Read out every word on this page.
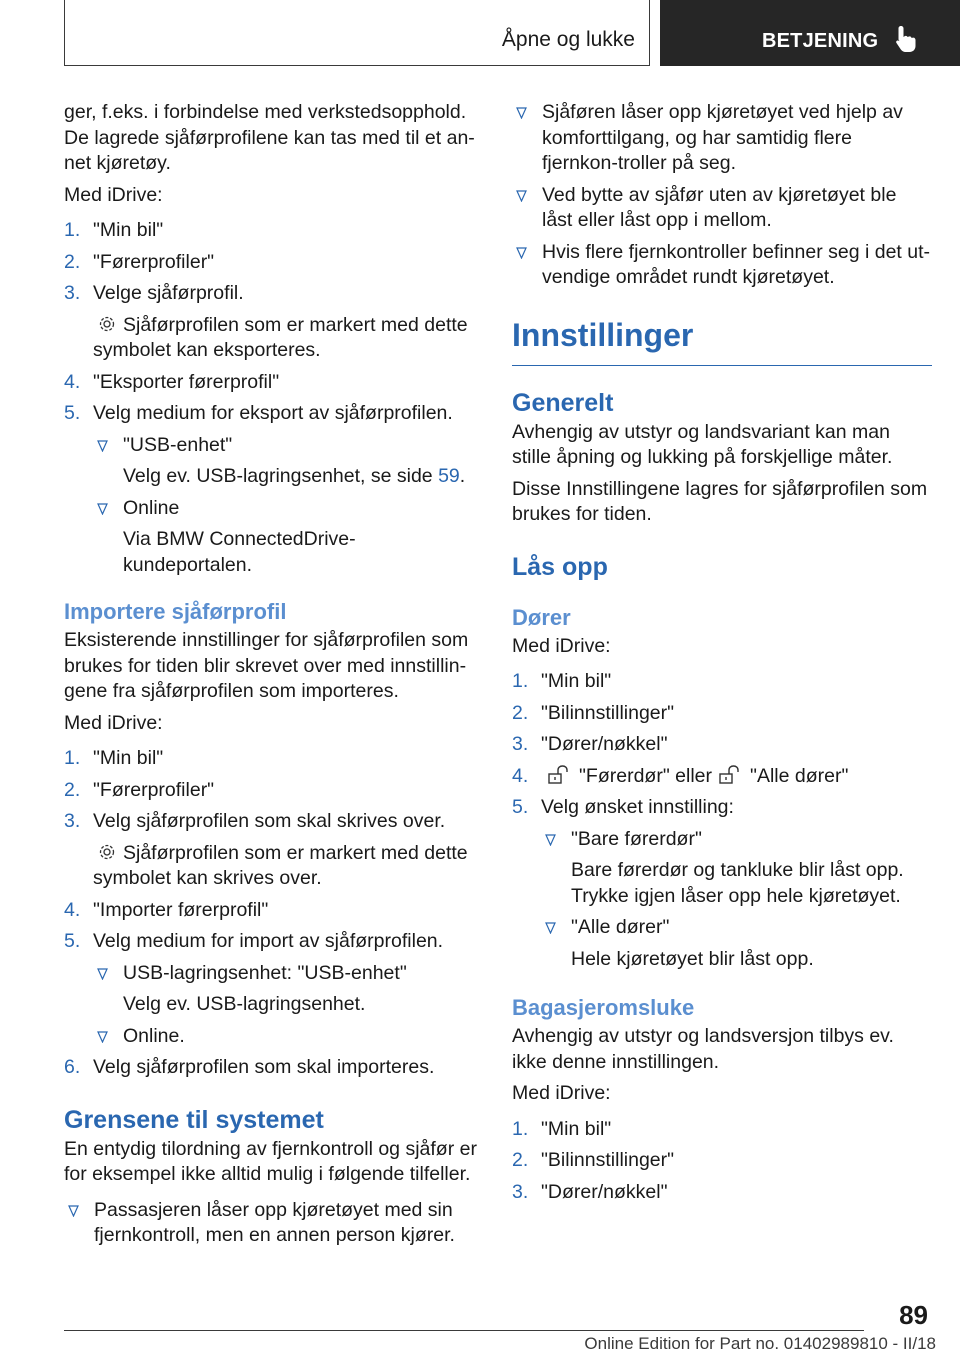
Åpne og lukke	BETJENING
ger, f.eks. i forbindelse med verkstedsopphold.
De lagrede sjåførprofilene kan tas med til et an-
net kjøretøy.
Med iDrive:
1. "Min bil"
2. "Førerprofiler"
3. Velge sjåførprofil.
Sjåførprofilen som er markert med dette symbolet kan eksporteres.
4. "Eksporter førerprofil"
5. Velg medium for eksport av sjåførprofilen.
"USB-enhet"
Velg ev. USB-lagringsenhet, se side 59.
Online
Via BMW ConnectedDrive-kundeportalen.
Importere sjåførprofil
Eksisterende innstillinger for sjåførprofilen som brukes for tiden blir skrevet over med innstillin-gene fra sjåførprofilen som importeres.
Med iDrive:
1. "Min bil"
2. "Førerprofiler"
3. Velg sjåførprofilen som skal skrives over.
Sjåførprofilen som er markert med dette symbolet kan skrives over.
4. "Importer førerprofil"
5. Velg medium for import av sjåførprofilen.
USB-lagringsenhet: "USB-enhet"
Velg ev. USB-lagringsenhet.
Online.
6. Velg sjåførprofilen som skal importeres.
Grensene til systemet
En entydig tilordning av fjernkontroll og sjåfør er for eksempel ikke alltid mulig i følgende tilfeller.
Passasjeren låser opp kjøretøyet med sin fjernkontroll, men en annen person kjører.
Sjåføren låser opp kjøretøyet ved hjelp av komforttilgang, og har samtidig flere fjernkon-troller på seg.
Ved bytte av sjåfør uten av kjøretøyet ble låst eller låst opp i mellom.
Hvis flere fjernkontroller befinner seg i det ut-vendige området rundt kjøretøyet.
Innstillinger
Generelt
Avhengig av utstyr og landsvariant kan man stille åpning og lukking på forskjellige måter.
Disse Innstillingene lagres for sjåførprofilen som brukes for tiden.
Lås opp
Dører
Med iDrive:
1. "Min bil"
2. "Bilinnstillinger"
3. "Dører/nøkkel"
4.	"Førerdør" eller "Alle dører"
5. Velg ønsket innstilling:
"Bare førerdør"
Bare førerdør og tankluke blir låst opp. Trykke igjen låser opp hele kjøretøyet.
"Alle dører"
Hele kjøretøyet blir låst opp.
Bagasjeromsluke
Avhengig av utstyr og landsversjon tilbys ev. ikke denne innstillingen.
Med iDrive:
1. "Min bil"
2. "Bilinnstillinger"
3. "Dører/nøkkel"
89
Online Edition for Part no. 01402989810 - II/18
